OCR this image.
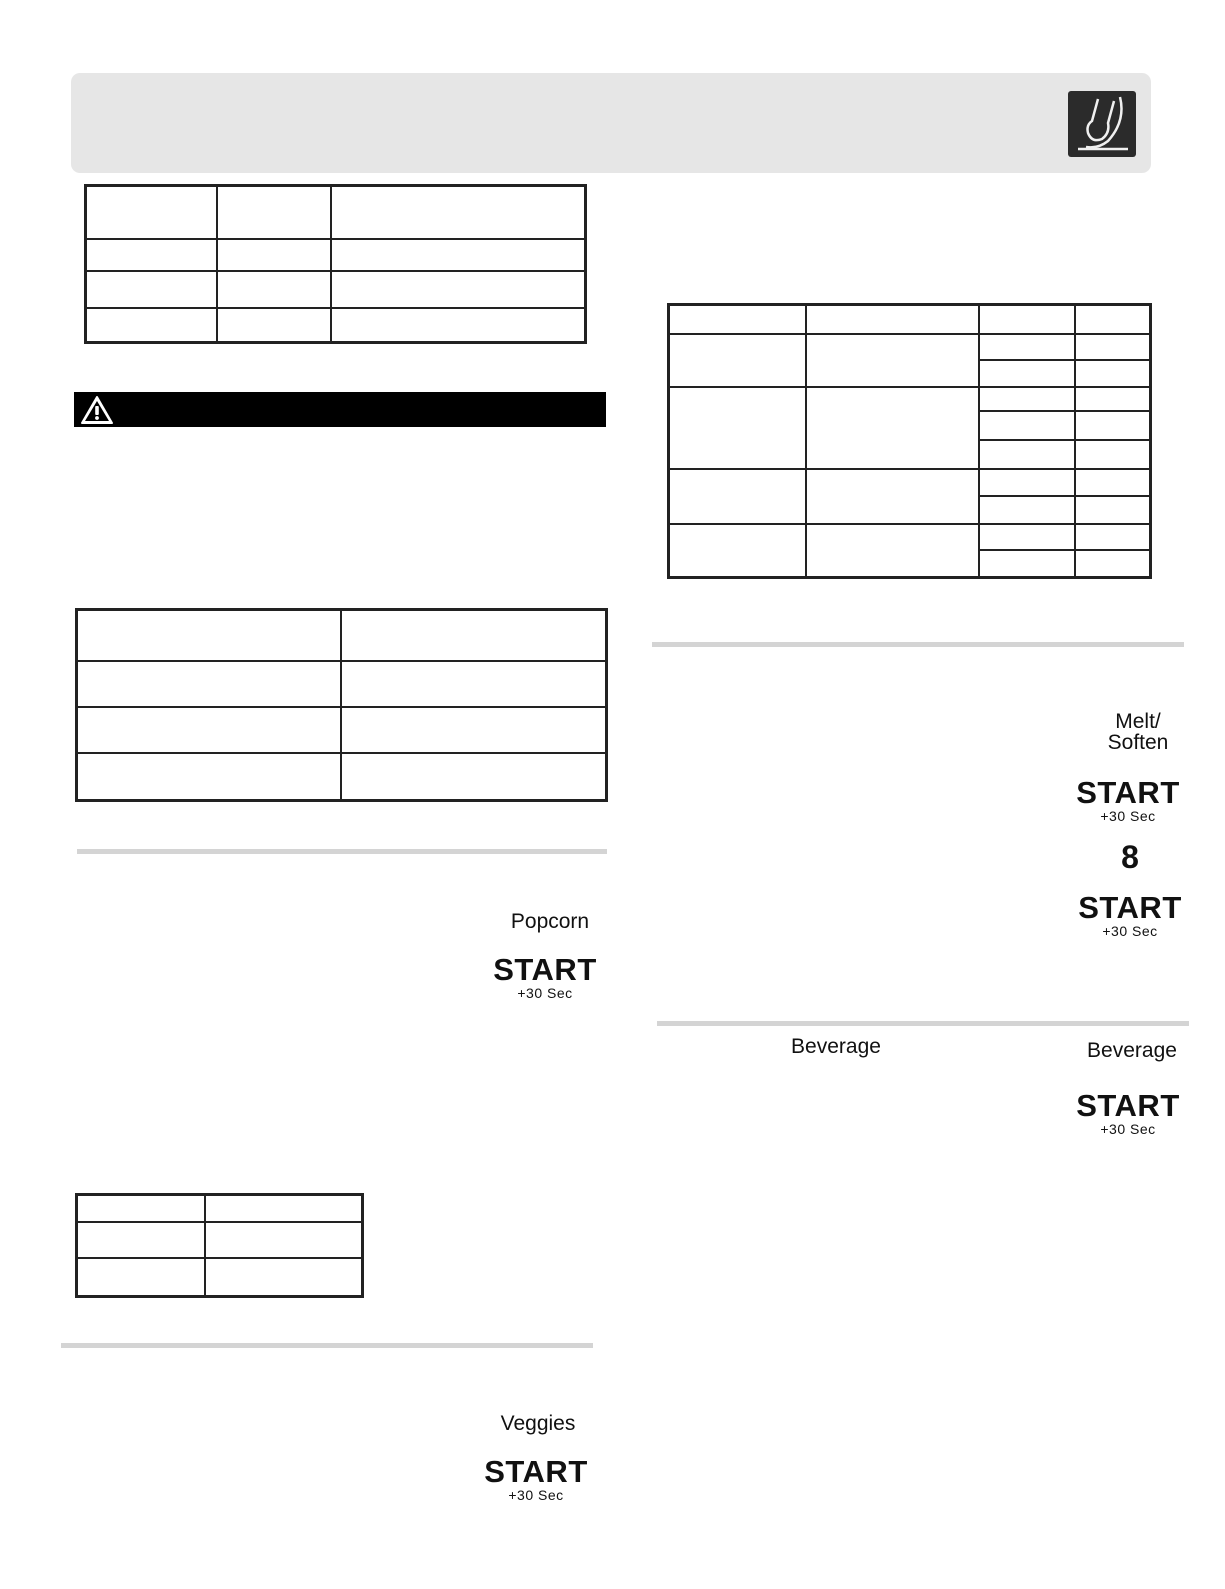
Popcorn
START
+30 Sec

Veggies
START
+30 Sec
Melt/
Soften
START
+30 Sec
8
START
+30 Sec
Beverage	Beverage
START
+30 Sec
